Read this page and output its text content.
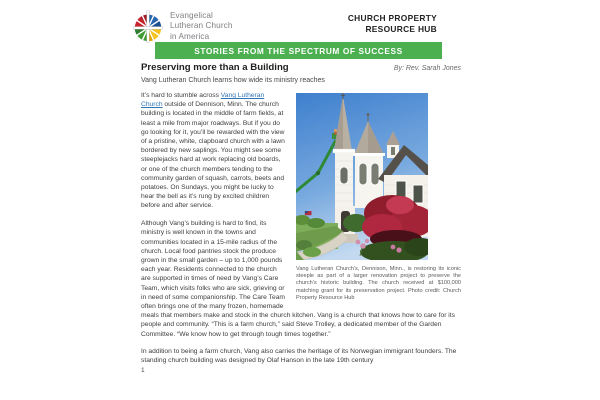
Evangelical
Lutheran Church
in America
CHURCH PROPERTY
RESOURCE HUB
STORIES FROM THE SPECTRUM OF SUCCESS
Preserving more than a Building	By: Rev. Sarah Jones

Vang Lutheran Church learns how wide its ministry reaches

Vang Lutheran Church’s, Dennison, Minn., is restoring its iconic steeple as part of a larger renovation project to preserve the church’s historic building. The church received at $100,000 matching grant for its preservation project. Photo credit: Church Property Resource Hub

It’s hard to stumble across Vang Lutheran Church outside of Dennison, Minn. The church building is located in the middle of farm fields, at least a mile from major roadways. But if you do go looking for it, you’ll be rewarded with the view of a pristine, white, clapboard church with a lawn bordered by new saplings. You might see some steeplejacks hard at work replacing old boards, or one of the church members tending to the community garden of squash, carrots, beets and potatoes. On Sundays, you might be lucky to hear the bell as it’s rung by excited children before and after service.

Although Vang’s building is hard to find, its ministry is well known in the towns and communities located in a 15-mile radius of the church. Local food pantries stock the produce grown in the small garden – up to 1,000 pounds each year. Residents connected to the church are supported in times of need by Vang’s Care Team, which visits folks who are sick, grieving or in need of some companionship. The Care Team often brings one of the many frozen, homemade meals that members make and stock in the church kitchen. Vang is a church that knows how to care for its people and community. “This is a farm church,” said Steve Trolley, a dedicated member of the Garden Committee. “We know how to get through tough times together.”

In addition to being a farm church, Vang also carries the heritage of its Norwegian immigrant founders. The standing church building was designed by Olaf Hanson in the late 19th century

1
